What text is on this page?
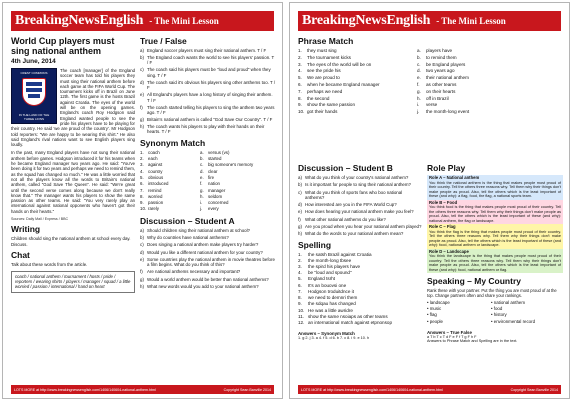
BreakingNewsEnglish - The Mini Lesson
World Cup players must sing national anthem
4th June, 2014
CREST COMMONS
IN THE LAND OF THE THREE LIONS

The coach [manager] of the England soccer team has told his players they must sing their national anthem before each game at the FIFA World Cup. The tournament kicks off in Brazil on June 12th. The first game is the hosts Brazil against Croatia. The eyes of the world will be on the opening games. England's coach Roy Hodgson said England wanted people to see the pride his players have to be playing for their country. He said 'we are proud of the country'. Mr Hodgson told reporters: "We are happy to be wearing this shirt." He also said England's rival nations want to see English players sing loudly.

In the past, many England players have not sung their national anthem before games. Hodgson introduced it for his teams when he became England manager two years ago. He said: "You've been doing it for two years and perhaps we need to remind them, as the squad has changed so much." He was a little worried that not all the players know all the words to Britain's national anthem, called "God Save The Queen". He said: "We're great until the second verse comes along because we don't really know that." The manager wants his players to show the same passion as other teams. He said: "You very rarely play an international against national opponents who haven't got their hands on their hearts."

Sources: Daily Mail / Express / BBC
Writing
Children should sing the national anthem at school every day. Discuss.
Chat
Talk about these words from the article.
coach / national anthem / tournament / hosts / pride / reporters / wearing shirts / players / manager / squad / a little worried / passion / international / hand on heart
True / False
a) England soccer players must sing their national anthem. T / F
b) The England coach wants the world to see his players' passion. T / F
c) The coach said his players must be "loud and proud" when they sing. T / F
d) The coach said it's obvious his players sing other anthems too. T / F
e) All England's players have a long history of singing their anthem. T / F
f) The coach started telling his players to sing the anthem two years ago. T / F
g) Britain's national anthem is called "God Save Our Country". T / F
h) The coach wants his players to play with their hands on their hearts. T / F
Synonym Match
1. coach	a. versus (vs)
2. each	b. started
3. against	c.	big someone's memory
4. country	d. clear
5. obvious	e. fire
6. introduced	f.	nation
7. remind	g. manager
8. worried	h. seldom
9. passion	i.	concerned
10. rarely	j.	every
Discussion – Student A
a) Should children sing their national anthem at school?
b) Why do countries have national anthems?
c) Does singing a national anthem make players try harder?
d) Would you like a different national anthem for your country?
e) Some countries play the national anthem in movie theatres before a film begins. What do you think of this?
f) Are national anthems necessary and important?
g) Would a world anthem would be better than national anthems?
h) What new words would you add to your national anthem?
LOTS MORE at http://www.breakingnewsenglish.com/1406/140604-national-anthem.html	Copyright Sean Banville 2014
BreakingNewsEnglish - The Mini Lesson
Phrase Match
1.	they must sing	a.	players have
2.	The tournament kicks	b.	to remind them
3.	The eyes of the world will be on	c.	be England players
4.	see the pride his	d.	two years ago
5.	We are proud to	e.	their national anthem
6.	when he became England manager	f.	as other teams
7.	perhaps we need	g.	on their hearts
8.	the second	h.	off in Brazil
9.	show the same passion	i.	verse
10. got their hands	j.	the month-long event
Discussion – Student B
a) What do you think of your country's national anthem?
b) Is it important for people to sing their national anthem?
c) What do you think of sports fans who boo national anthems?
d) How interested are you in the FIFA World Cup?
e) How does hearing your national anthem make you feel?
f) What other national anthems do you like?
g) Are you proud when you hear your national anthem played?
h) What do the words to your national anthem mean?
Spelling
1.	the satsh Brazil against Croatia
2.	the month-long tbsee
3.	the spird his players have
4.	be "loud and spound"
5.	England tsrht
6.	It's an bouovsi one
7.	Hodgson troduitdnce it
8.	we need to demnri them
9.	the sdqau has changed
10. He was a little awridre
11. show the same nsoiaps as other teams
12. an international match against etpnonsop
Answers – Synonym Match
1. g 2. j 3. a 4. f 5. d 6. b 7. c 8. i 9. e 10. h
Role Play
Role A – National anthem
You think the national anthem is the thing that makes people most proud of their country. Tell the others three reasons why. Tell them why their things don't make people as proud. Also, tell the others which is the least important of these (and why): a flag, food, the flag, a national sports team.
Role B – Food
You think food is the thing that makes people most proud of their country. Tell the others three reasons why. Tell them why their things don't make people as proud. Also, tell the others which is the least important of these (and why): national anthem, the flag or landscape.
Role C – Flag
You think the flag is the thing that makes people most proud of their country. Tell the others three reasons why. Tell them why their things don't make people as proud. Also, tell the others which is the least important of these (and why): food, national anthem or landscape.
Role D – Landscape
You think the landscape is the thing that makes people most proud of their country. Tell the others three reasons why. Tell them why their things don't make people as proud. Also, tell the others which is the least important of these (and why): food, national anthem or flag.
Speaking – My Country
Rank these with your partner. Put the thing you are most proud of at the top. Change partners often and share your rankings.
• landscape	• national anthem
• music	• food
• flag	• history
• people	• environmental record
Answers – True False
a T b T c T d F e F f T g F h F
Answers to Phrase Match and Spelling are in the text.
LOTS MORE at http://www.breakingnewsenglish.com/1406/140604-national-anthem.html	Copyright Sean Banville 2014
